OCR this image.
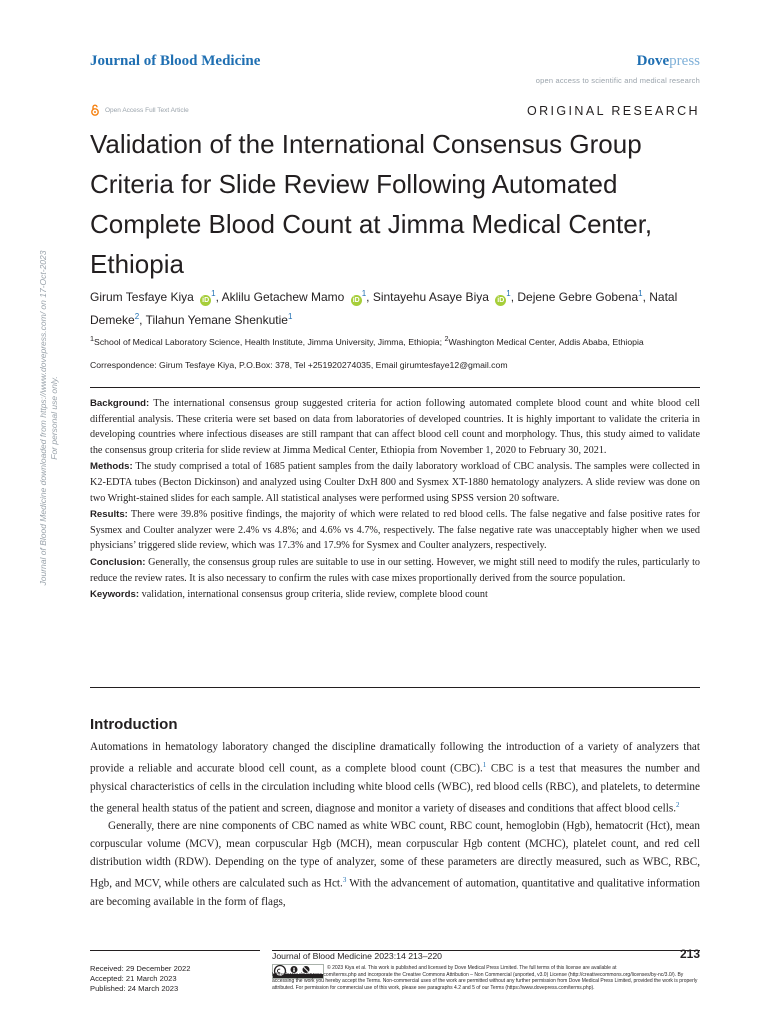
Journal of Blood Medicine downloaded from https://www.dovepress.com/ on 17-Oct-2023 For personal use only.
Journal of Blood Medicine	Dovepress
open access to scientific and medical research
Open Access Full Text Article	ORIGINAL RESEARCH
Validation of the International Consensus Group Criteria for Slide Review Following Automated Complete Blood Count at Jimma Medical Center, Ethiopia
Girum Tesfaye Kiya iD$^1$, Aklilu Getachew Mamo iD$^1$, Sintayehu Asaye Biya iD$^1$, Dejene Gebre Gobena$^1$, Natal Demeke$^2$, Tilahun Yemane Shenkutie$^1$
$^1$School of Medical Laboratory Science, Health Institute, Jimma University, Jimma, Ethiopia; $^2$Washington Medical Center, Addis Ababa, Ethiopia
Correspondence: Girum Tesfaye Kiya, P.O.Box: 378, Tel +251920274035, Email girumtesfaye12@gmail.com

Background: The international consensus group suggested criteria for action following automated complete blood count and white blood cell differential analysis. These criteria were set based on data from laboratories of developed countries. It is highly important to validate the criteria in developing countries where infectious diseases are still rampant that can affect blood cell count and morphology. Thus, this study aimed to validate the consensus group criteria for slide review at Jimma Medical Center, Ethiopia from November 1, 2020 to February 30, 2021.

Methods: The study comprised a total of 1685 patient samples from the daily laboratory workload of CBC analysis. The samples were collected in K2-EDTA tubes (Becton Dickinson) and analyzed using Coulter DxH 800 and Sysmex XT-1880 hematology analyzers. A slide review was done on two Wright-stained slides for each sample. All statistical analyses were performed using SPSS version 20 software.

Results: There were 39.8% positive findings, the majority of which were related to red blood cells. The false negative and false positive rates for Sysmex and Coulter analyzer were 2.4% vs 4.8%; and 4.6% vs 4.7%, respectively. The false negative rate was unacceptably higher when we used physicians’ triggered slide review, which was 17.3% and 17.9% for Sysmex and Coulter analyzers, respectively.

Conclusion: Generally, the consensus group rules are suitable to use in our setting. However, we might still need to modify the rules, particularly to reduce the review rates. It is also necessary to confirm the rules with case mixes proportionally derived from the source population.

Keywords: validation, international consensus group criteria, slide review, complete blood count

Introduction

Automations in hematology laboratory changed the discipline dramatically following the introduction of a variety of analyzers that provide a reliable and accurate blood cell count, as a complete blood count (CBC).$^1$ CBC is a test that measures the number and physical characteristics of cells in the circulation including white blood cells (WBC), red blood cells (RBC), and platelets, to determine the general health status of the patient and screen, diagnose and monitor a variety of diseases and conditions that affect blood cells.$^2$

Generally, there are nine components of CBC named as white WBC count, RBC count, hemoglobin (Hgb), hematocrit (Hct), mean corpuscular volume (MCV), mean corpuscular Hgb (MCH), mean corpuscular Hgb content (MCHC), platelet count, and red cell distribution width (RDW). Depending on the type of analyzer, some of these parameters are directly measured, such as WBC, RBC, Hgb, and MCV, while others are calculated such as Hct.$^3$ With the advancement of automation, quantitative and qualitative information are becoming available in the form of flags,

Received: 29 December 2022
Accepted: 21 March 2023
Published: 24 March 2023
Journal of Blood Medicine 2023:14 213–220	213
© 2023 Kiya et al. This work is published and licensed by Dove Medical Press Limited. The full terms of this license are available at https://www.dovepress.com/terms.php and incorporate the Creative Commons Attribution – Non Commercial (unported, v3.0) License (http://creativecommons.org/licenses/by-nc/3.0/). By accessing the work you hereby accept the Terms. Non-commercial uses of the work are permitted without any further permission from Dove Medical Press Limited, provided the work is properly attributed. For permission for commercial use of this work, please see paragraphs 4.2 and 5 of our Terms (https://www.dovepress.com/terms.php).
